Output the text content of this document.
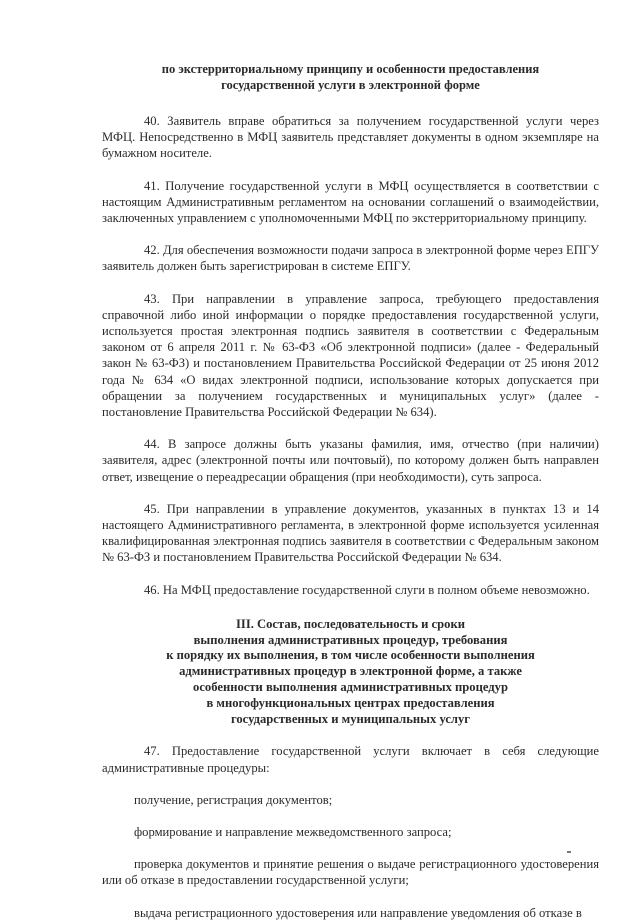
по экстерриториальному принципу и особенности предоставления
государственной услуги в электронной форме

40. Заявитель вправе обратиться за получением государственной услуги через МФЦ. Непосредственно в МФЦ заявитель представляет документы в одном экземпляре на бумажном носителе.

41. Получение государственной услуги в МФЦ осуществляется в соответствии с настоящим Административным регламентом на основании соглашений о взаимодействии, заключенных управлением с уполномоченными МФЦ по экстерриториальному принципу.

42. Для обеспечения возможности подачи запроса в электронной форме через ЕПГУ заявитель должен быть зарегистрирован в системе ЕПГУ.

43. При направлении в управление запроса, требующего предоставления справочной либо иной информации о порядке предоставления государственной услуги, используется простая электронная подпись заявителя в соответствии с Федеральным законом от 6 апреля 2011 г. № 63-ФЗ «Об электронной подписи» (далее - Федеральный закон № 63-ФЗ) и постановлением Правительства Российской Федерации от 25 июня 2012 года № 634 «О видах электронной подписи, использование которых допускается при обращении за получением государственных и муниципальных услуг» (далее - постановление Правительства Российской Федерации № 634).

44. В запросе должны быть указаны фамилия, имя, отчество (при наличии) заявителя, адрес (электронной почты или почтовый), по которому должен быть направлен ответ, извещение о переадресации обращения (при необходимости), суть запроса.

45. При направлении в управление документов, указанных в пунктах 13 и 14 настоящего Административного регламента, в электронной форме используется усиленная квалифицированная электронная подпись заявителя в соответствии с Федеральным законом № 63-ФЗ и постановлением Правительства Российской Федерации № 634.

46. На МФЦ предоставление государственной слуги в полном объеме невозможно.

III. Состав, последовательность и сроки
выполнения административных процедур, требования
к порядку их выполнения, в том числе особенности выполнения
административных процедур в электронной форме, а также
особенности выполнения административных процедур
в многофункциональных центрах предоставления
государственных и муниципальных услуг

47. Предоставление государственной услуги включает в себя следующие административные процедуры:

получение, регистрация документов;

формирование и направление межведомственного запроса;

проверка документов и принятие решения о выдаче регистрационного удостоверения или об отказе в предоставлении государственной услуги;

выдача регистрационного удостоверения или направление уведомления об отказе в
